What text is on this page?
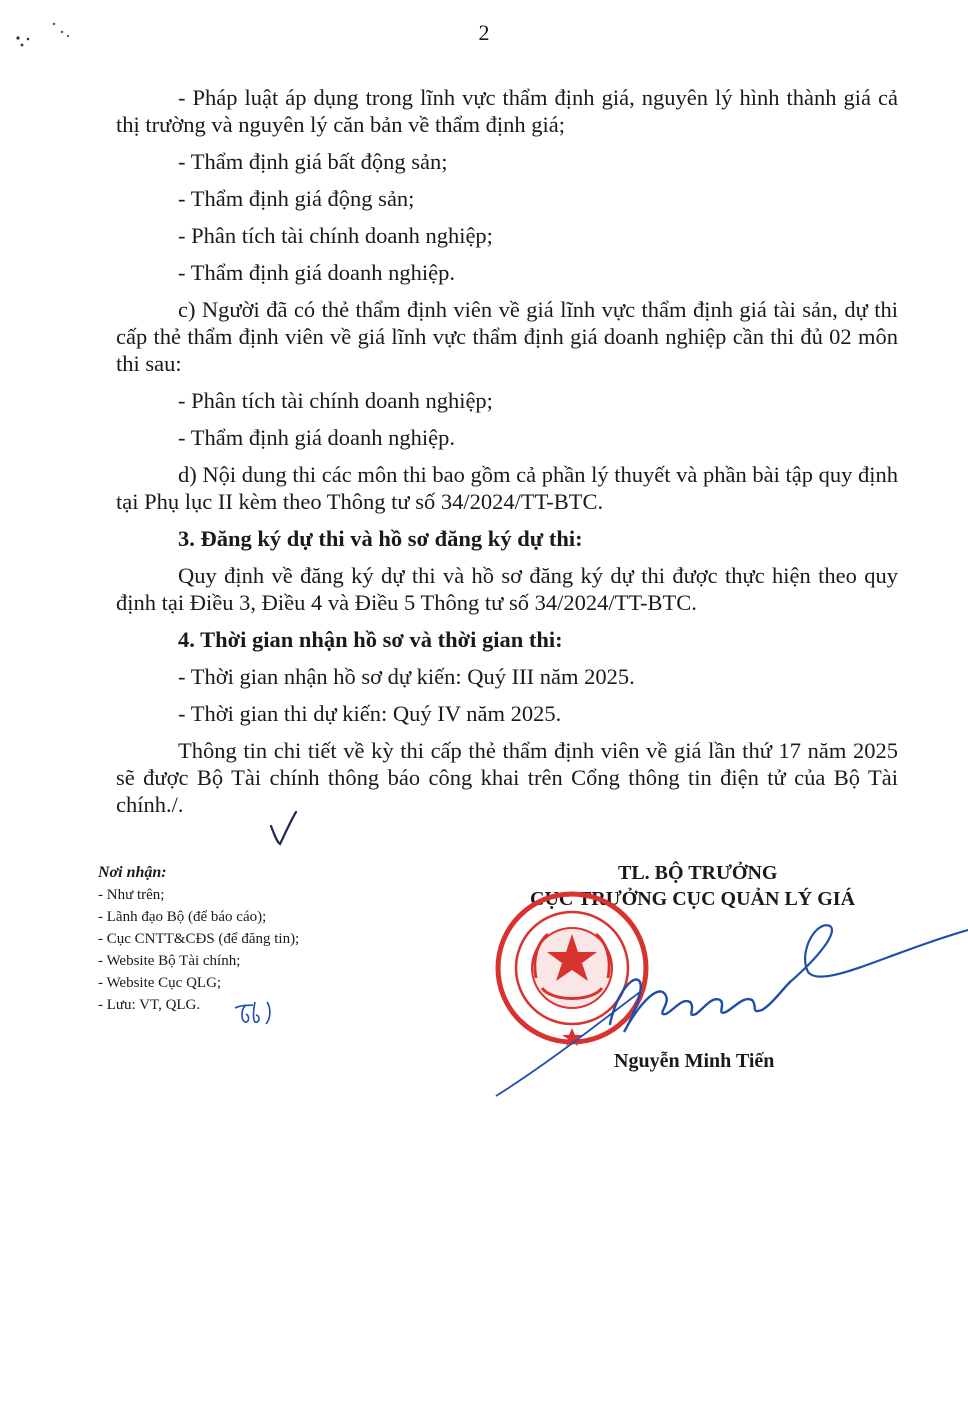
2

- Pháp luật áp dụng trong lĩnh vực thẩm định giá, nguyên lý hình thành giá cả thị trường và nguyên lý căn bản về thẩm định giá;

- Thẩm định giá bất động sản;

- Thẩm định giá động sản;

- Phân tích tài chính doanh nghiệp;

- Thẩm định giá doanh nghiệp.

c) Người đã có thẻ thẩm định viên về giá lĩnh vực thẩm định giá tài sản, dự thi cấp thẻ thẩm định viên về giá lĩnh vực thẩm định giá doanh nghiệp cần thi đủ 02 môn thi sau:

- Phân tích tài chính doanh nghiệp;

- Thẩm định giá doanh nghiệp.

d) Nội dung thi các môn thi bao gồm cả phần lý thuyết và phần bài tập quy định tại Phụ lục II kèm theo Thông tư số 34/2024/TT-BTC.

3. Đăng ký dự thi và hồ sơ đăng ký dự thi:

Quy định về đăng ký dự thi và hồ sơ đăng ký dự thi được thực hiện theo quy định tại Điều 3, Điều 4 và Điều 5 Thông tư số 34/2024/TT-BTC.

4. Thời gian nhận hồ sơ và thời gian thi:

- Thời gian nhận hồ sơ dự kiến: Quý III năm 2025.

- Thời gian thi dự kiến: Quý IV năm 2025.

Thông tin chi tiết về kỳ thi cấp thẻ thẩm định viên về giá lần thứ 17 năm 2025 sẽ được Bộ Tài chính thông báo công khai trên Cổng thông tin điện tử của Bộ Tài chính./.

Nơi nhận:
- Như trên;
- Lãnh đạo Bộ (để báo cáo);
- Cục CNTT&CĐS (để đăng tin);
- Website Bộ Tài chính;
- Website Cục QLG;
- Lưu: VT, QLG.
TL. BỘ TRƯỞNG
CỤC TRƯỞNG CỤC QUẢN LÝ GIÁ
Nguyễn Minh Tiến
